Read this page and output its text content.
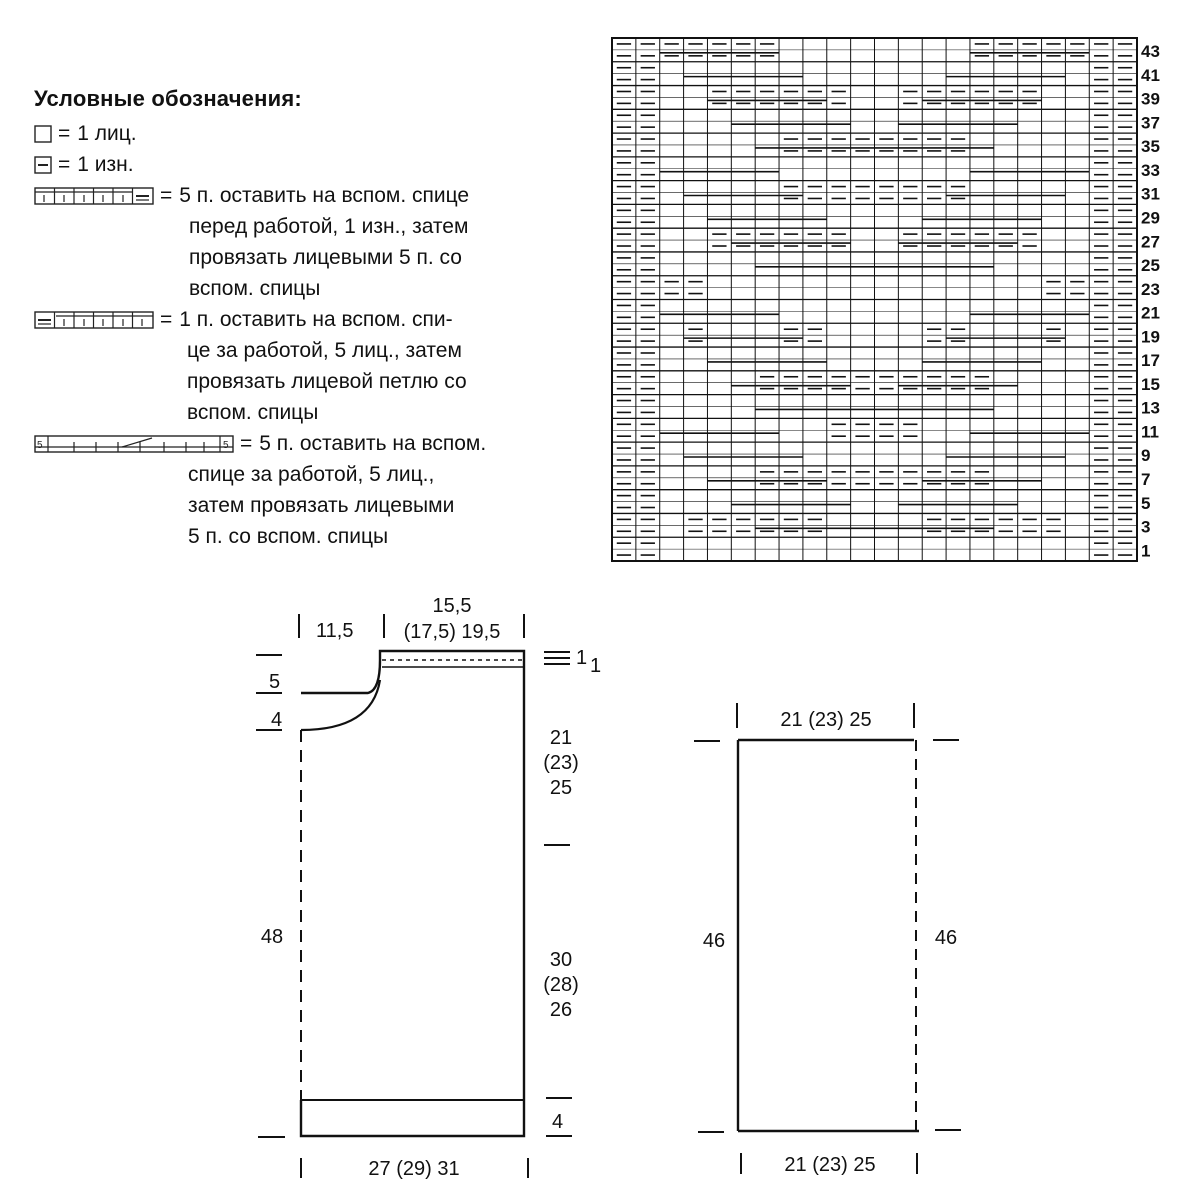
Условные обозначения:
= 1 лиц.
= 1 изн.
= 5 п. оставить на вспом. спице
перед работой, 1 изн., затем
провязать лицевыми 5 п. со
вспом. спицы
= 1 п. оставить на вспом. спи-
це за работой, 5 лиц., затем
провязать лицевой петлю со
вспом. спицы
5	5 = 5 п. оставить на вспом.
спице за работой, 5 лиц.,
затем провязать лицевыми
5 п. со вспом. спицы
43
41
39
37
35
33
31
29
27
25
23
21
19
17
15
13
11
9
7
5
3
1
11,5
15,5
(17,5) 19,5
1 1
5
4
48
21
(23)
25
30
(28)
26
4
27 (29) 31
21 (23) 25
46	46
21 (23) 25
